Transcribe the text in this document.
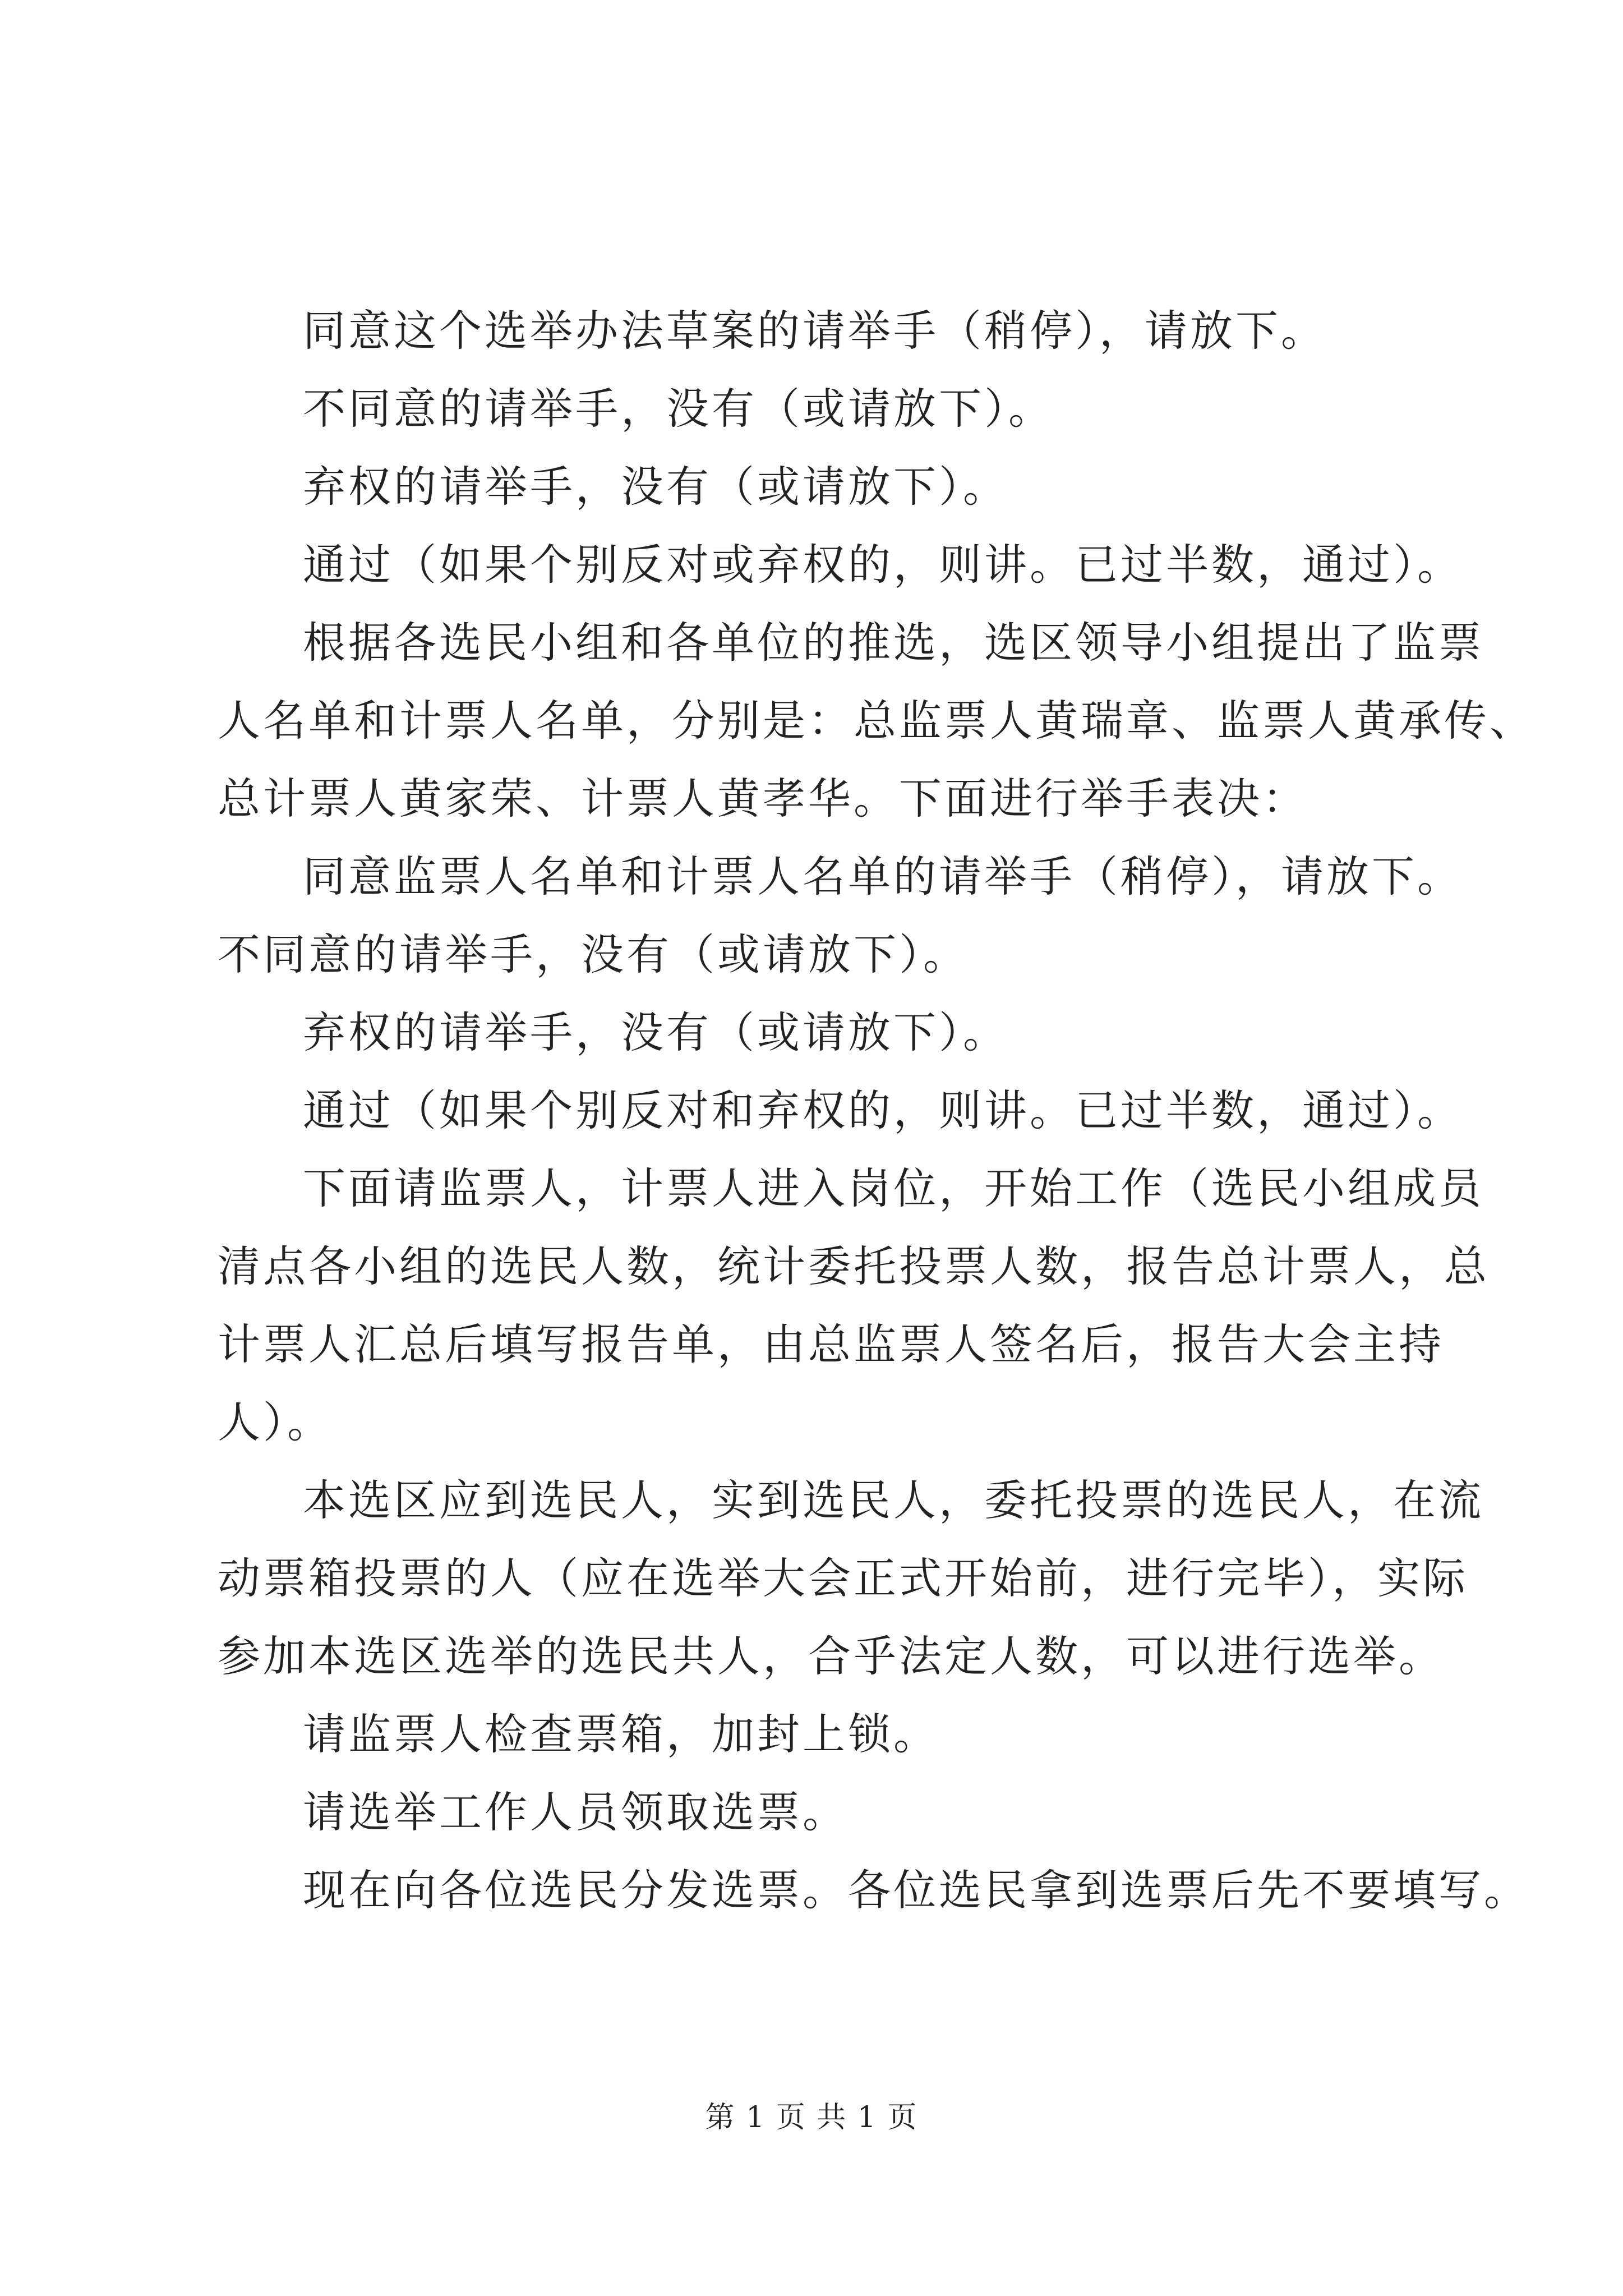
同意这个选举办法草案的请举手（稍停），请放下。
不同意的请举手，没有（或请放下）。
弃权的请举手，没有（或请放下）。
通过（如果个别反对或弃权的，则讲。已过半数，通过）。
根据各选民小组和各单位的推选，选区领导小组提出了监票
人名单和计票人名单，分别是：总监票人黄瑞章、监票人黄承传、
总计票人黄家荣、计票人黄孝华。下面进行举手表决：
同意监票人名单和计票人名单的请举手（稍停），请放下。
不同意的请举手，没有（或请放下）。
弃权的请举手，没有（或请放下）。
通过（如果个别反对和弃权的，则讲。已过半数，通过）。
下面请监票人，计票人进入岗位，开始工作（选民小组成员
清点各小组的选民人数，统计委托投票人数，报告总计票人，总
计票人汇总后填写报告单，由总监票人签名后，报告大会主持
人）。
本选区应到选民人，实到选民人，委托投票的选民人，在流
动票箱投票的人（应在选举大会正式开始前，进行完毕），实际
参加本选区选举的选民共人，合乎法定人数，可以进行选举。
请监票人检查票箱，加封上锁。
请选举工作人员领取选票。
现在向各位选民分发选票。各位选民拿到选票后先不要填写。
第 1 页 共 1 页
